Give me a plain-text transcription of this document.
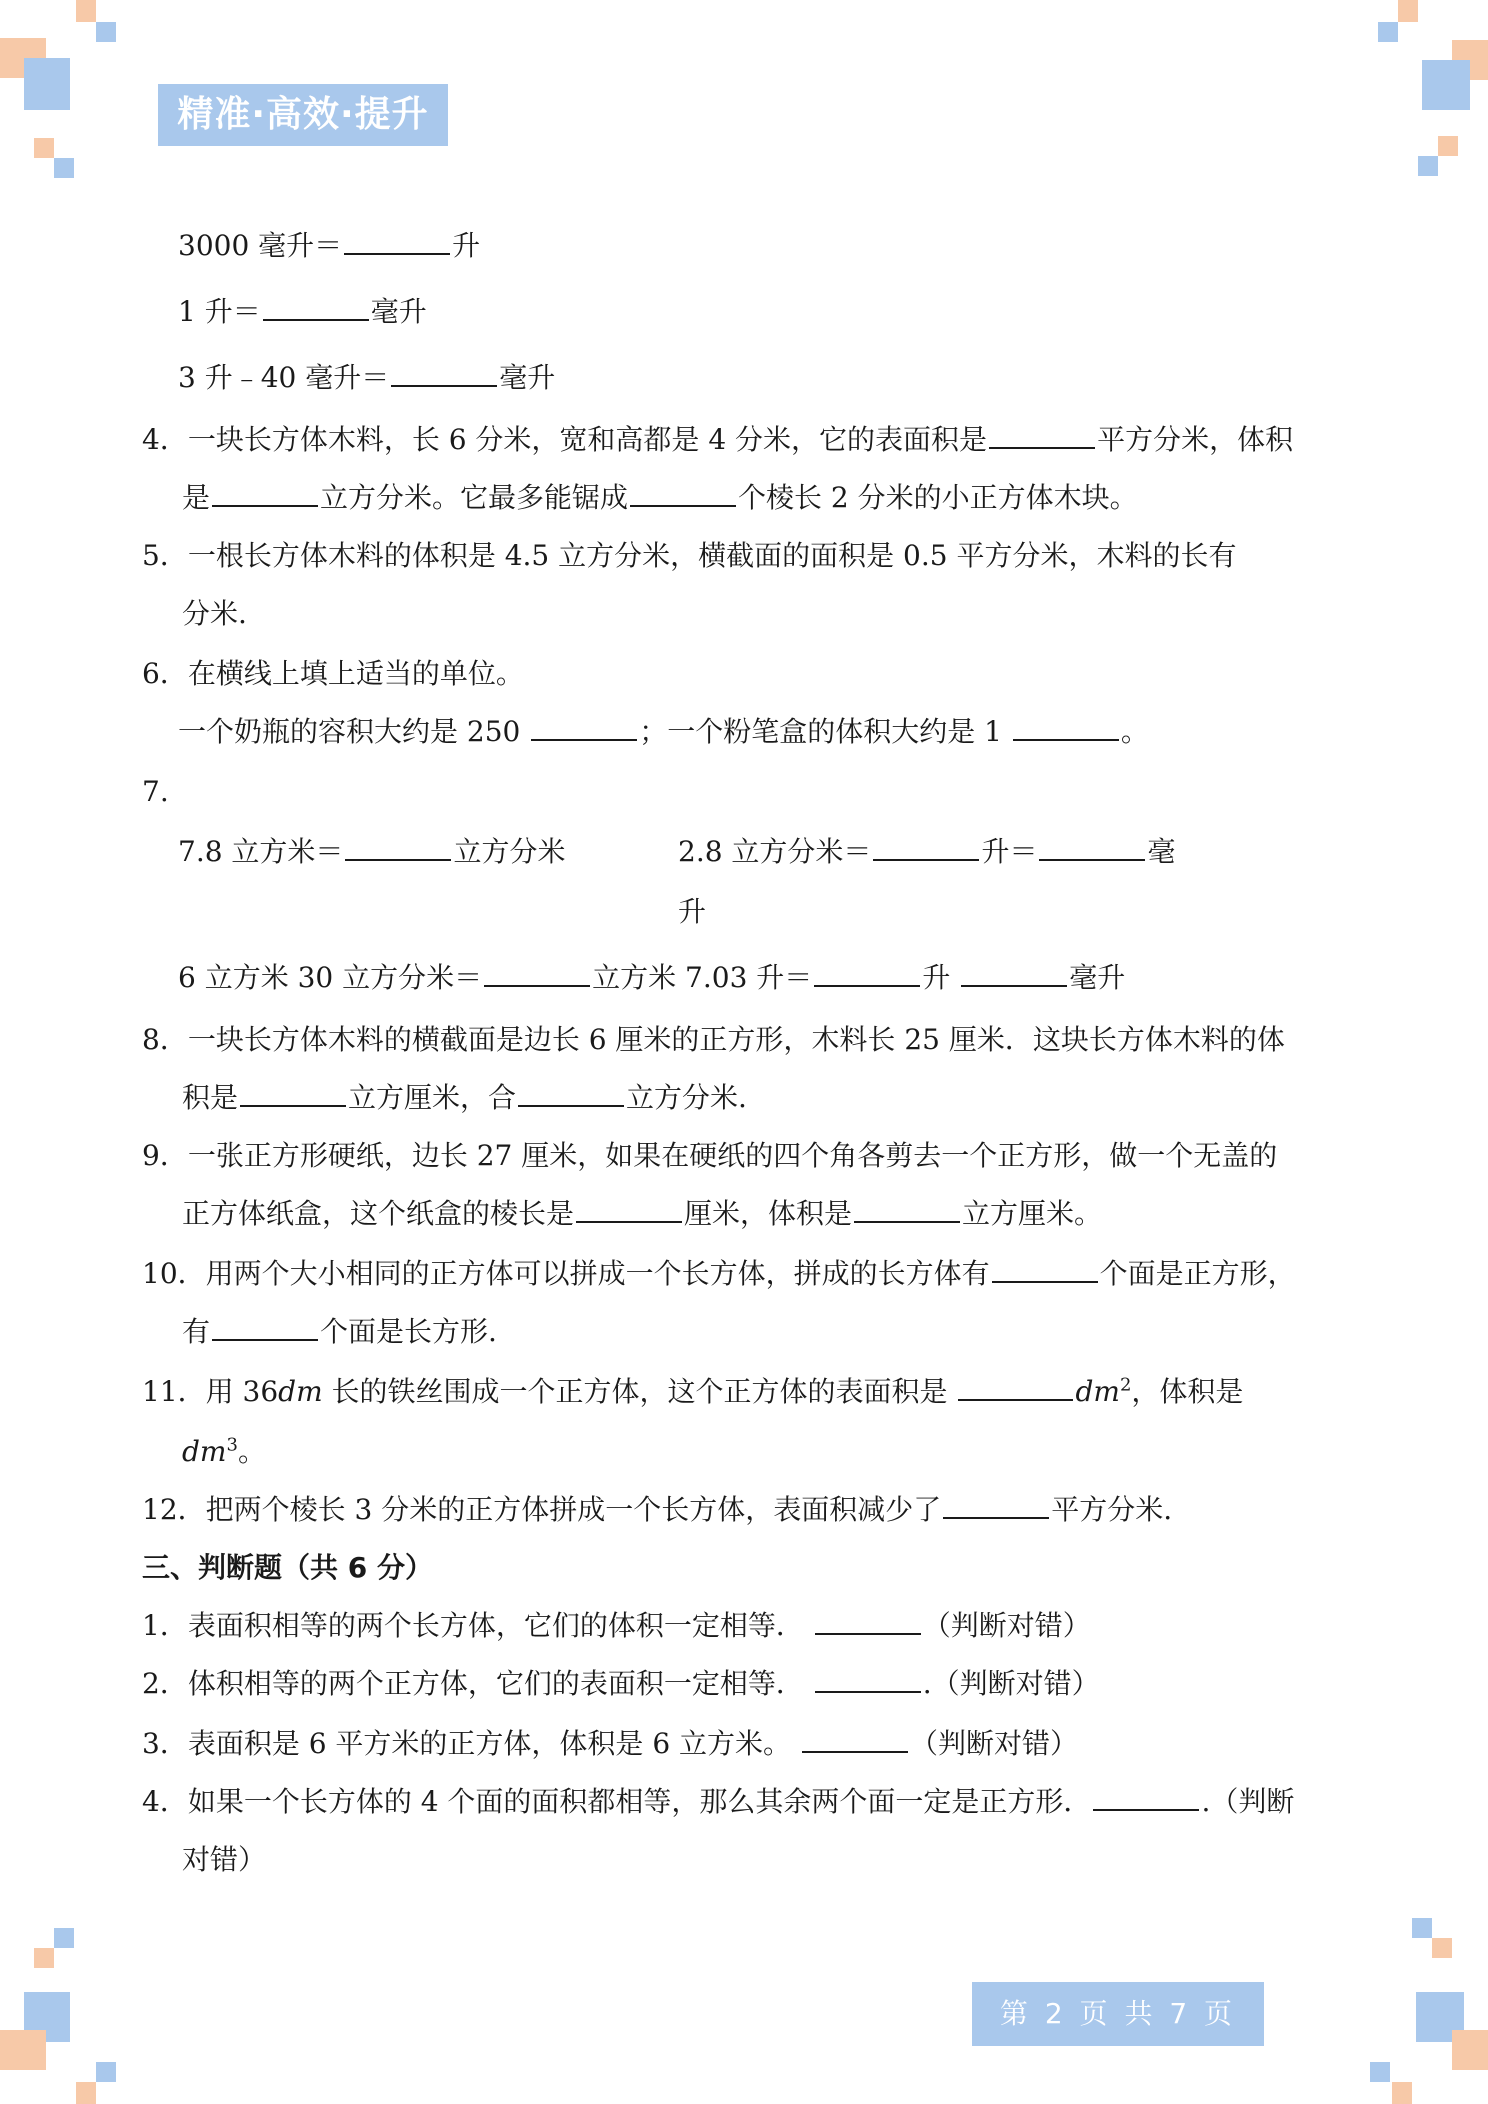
精准·高效·提升
3000 毫升＝	升
1 升＝	毫升
3 升﹣40 毫升＝	毫升
4．一块长方体木料，长 6 分米，宽和高都是 4 分米，它的表面积是	平方分米，体积
是	立方分米。它最多能锯成	个棱长 2 分米的小正方体木块。
5．一根长方体木料的体积是 4.5 立方分米，横截面的面积是 0.5 平方分米，木料的长有
分米.
6．在横线上填上适当的单位。
一个奶瓶的容积大约是 250	；一个粉笔盒的体积大约是 1	。
7.
7.8 立方米＝	立方分米	2.8 立方分米＝	升＝	毫
升
6 立方米 30 立方分米＝	立方米 7.03 升＝	升	毫升
8．一块长方体木料的横截面是边长 6 厘米的正方形，木料长 25 厘米．这块长方体木料的体
积是	立方厘米，合	立方分米.
9．一张正方形硬纸，边长 27 厘米，如果在硬纸的四个角各剪去一个正方形，做一个无盖的
正方体纸盒，这个纸盒的棱长是	厘米，体积是	立方厘米。
10．用两个大小相同的正方体可以拼成一个长方体，拼成的长方体有	个面是正方形，
有	个面是长方形.
11．用 36dm 长的铁丝围成一个正方体，这个正方体的表面积是	$dm^2$，体积是
$dm^3$。
12．把两个棱长 3 分米的正方体拼成一个长方体，表面积减少了	平方分米.
三、判断题（共 6 分）
1．表面积相等的两个长方体，它们的体积一定相等．	（判断对错）
2．体积相等的两个正方体，它们的表面积一定相等．	.（判断对错）
3．表面积是 6 平方米的正方体，体积是 6 立方米。	（判断对错）
4．如果一个长方体的 4 个面的面积都相等，那么其余两个面一定是正方形．	.（判断
对错）
第 2 页 共 7 页
